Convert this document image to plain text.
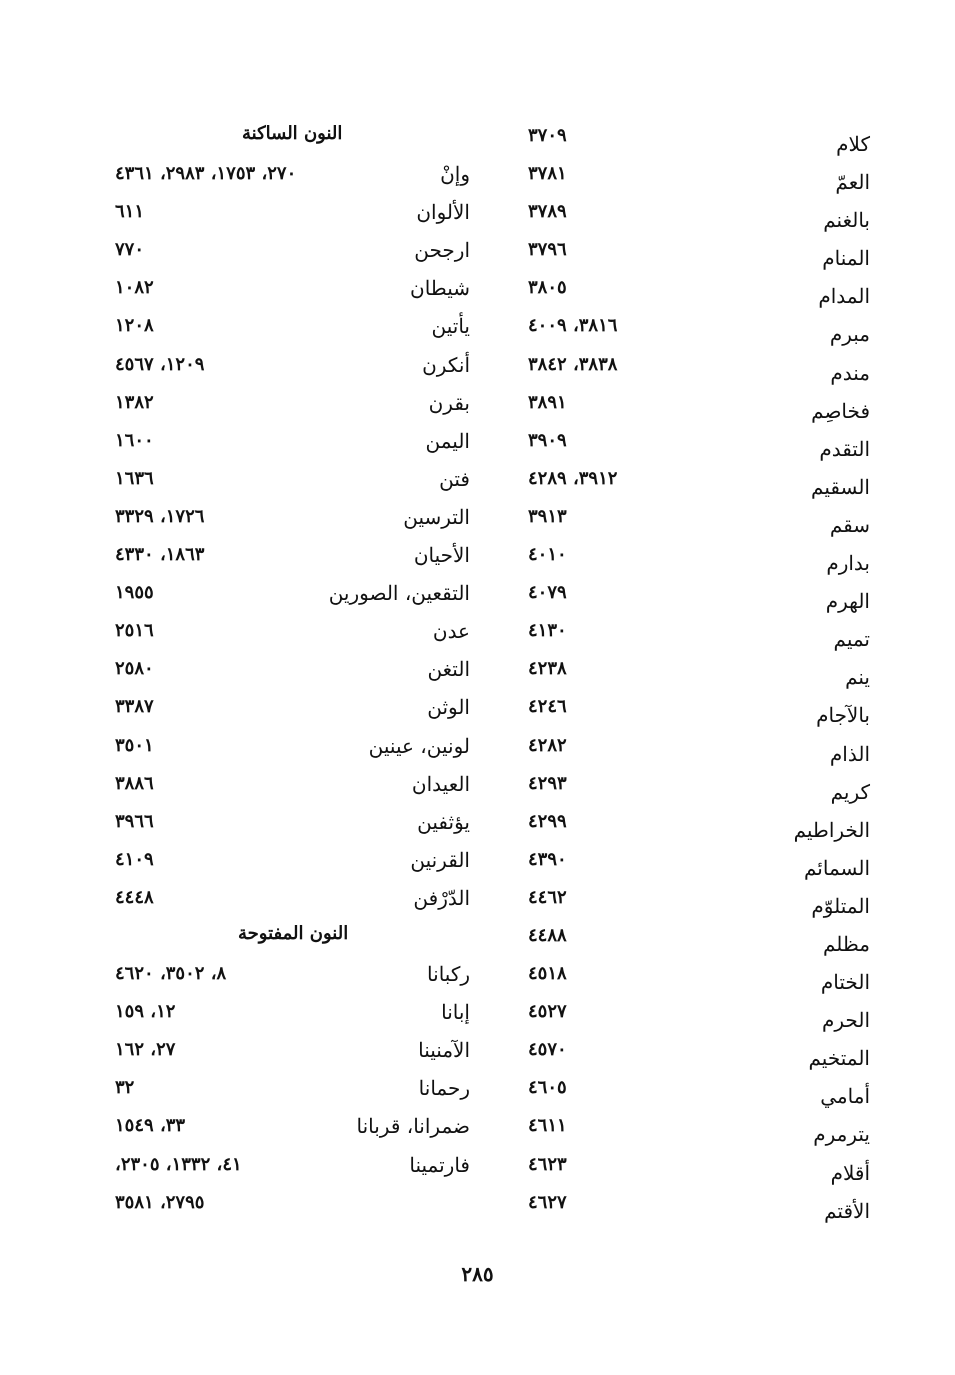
كلام
٣٧٠٩
العمّ
٣٧٨١
بالغنم
٣٧٨٩
المنام
٣٧٩٦
المدام
٣٨٠٥
مبرم
٣٨١٦، ٤٠٠٩
مندم
٣٨٣٨، ٣٨٤٢
فخاصِم
٣٨٩١
التقدم
٣٩٠٩
السقيم
٣٩١٢، ٤٢٨٩
سقم
٣٩١٣
بدارم
٤٠١٠
الهرم
٤٠٧٩
تميم
٤١٣٠
ينم
٤٢٣٨
بالآجام
٤٢٤٦
الذام
٤٢٨٢
كريم
٤٢٩٣
الخراطيم
٤٢٩٩
السمائم
٤٣٩٠
المتلوّم
٤٤٦٢
مظلم
٤٤٨٨
الختام
٤٥١٨
الحرم
٤٥٢٧
المتخيم
٤٥٧٠
أمامي
٤٦٠٥
يترمرم
٤٦١١
أقلام
٤٦٢٣
الأقتم
٤٦٢٧
النون الساكنة
وإنْ
٢٧٠، ١٧٥٣، ٢٩٨٣، ٤٣٦١
الألوان
٦١١
ارجحن
٧٧٠
شيطان
١٠٨٢
يأتين
١٢٠٨
أنكرن
١٢٠٩، ٤٥٦٧
بقرن
١٣٨٢
اليمن
١٦٠٠
فتن
١٦٣٦
الترسين
١٧٢٦، ٣٣٢٩
الأحيان
١٨٦٣، ٤٣٣٠
التقعين، الصورين
١٩٥٥
عدن
٢٥١٦
التغن
٢٥٨٠
الوثن
٣٣٨٧
لونين، عينين
٣٥٠١
العيدان
٣٨٨٦
يؤثفين
٣٩٦٦
القرنين
٤١٠٩
الدّرْفن
٤٤٤٨
النون المفتوحة
ركبانا
٨، ٣٥٠٢، ٤٦٢٠
إبانا
١٢، ١٥٩
الآمنينا
٢٧، ١٦٢
رحمانا
٣٢
ضمرانا، قربانا
٣٣، ١٥٤٩
فارتمينا
٤١، ١٣٣٢، ٢٣٠٥،
٢٧٩٥، ٣٥٨١
٢٨٥
